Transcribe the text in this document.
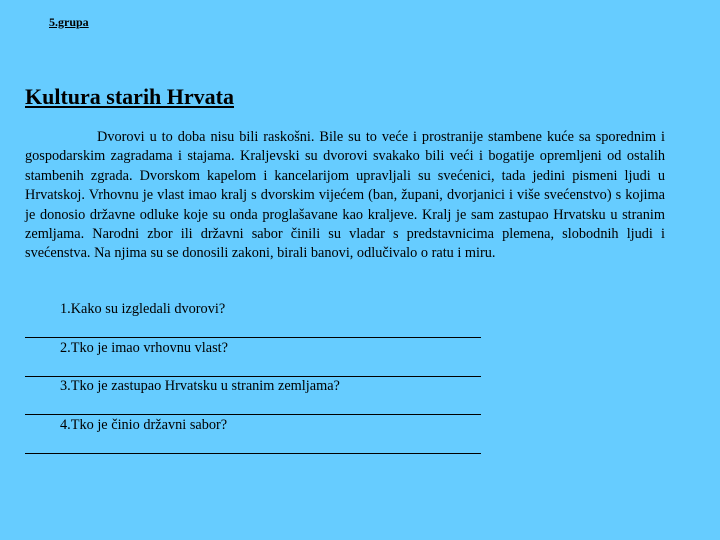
5.grupa
Kultura starih Hrvata

Dvorovi u to doba nisu bili raskošni. Bile su to veće i prostranije stambene kuće sa sporednim i gospodarskim zagradama i stajama. Kraljevski su dvorovi svakako bili veći i bogatije opremljeni od ostalih stambenih zgrada. Dvorskom kapelom i kancelarijom upravljali su svećenici, tada jedini pismeni ljudi u Hrvatskoj. Vrhovnu je vlast imao kralj s dvorskim vijećem (ban, župani, dvorjanici i više svećenstvo) s kojima je donosio državne odluke koje su onda proglašavane kao kraljeve. Kralj je sam zastupao Hrvatsku u stranim zemljama. Narodni zbor ili državni sabor činili su vladar s predstavnicima plemena, slobodnih ljudi i svećenstva. Na njima su se donosili zakoni, birali banovi, odlučivalo o ratu i miru.

1.Kako su izgledali dvorovi?
2.Tko je imao vrhovnu vlast?
3.Tko je zastupao Hrvatsku u stranim zemljama?
4.Tko je činio državni sabor?
